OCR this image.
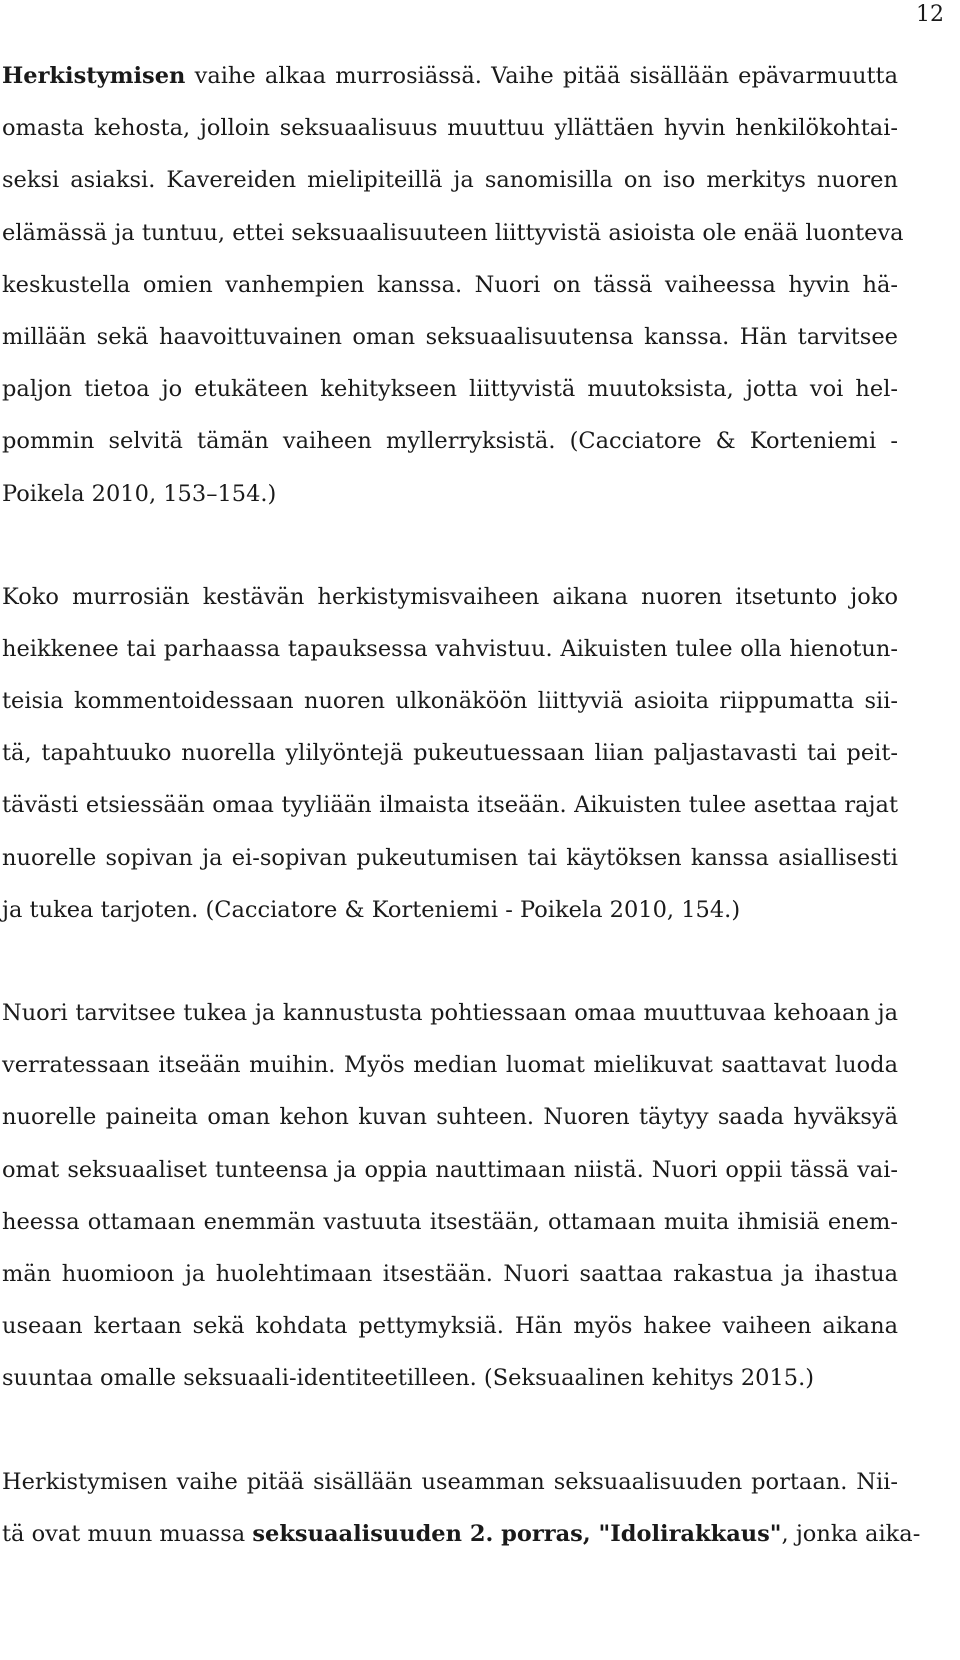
12
Herkistymisen vaihe alkaa murrosiässä. Vaihe pitää sisällään epävarmuutta
omasta kehosta, jolloin seksuaalisuus muuttuu yllättäen hyvin henkilökohtai-
seksi asiaksi. Kavereiden mielipiteillä ja sanomisilla on iso merkitys nuoren
elämässä ja tuntuu, ettei seksuaalisuuteen liittyvistä asioista ole enää luonteva
keskustella omien vanhempien kanssa. Nuori on tässä vaiheessa hyvin hä-
millään sekä haavoittuvainen oman seksuaalisuutensa kanssa. Hän tarvitsee
paljon tietoa jo etukäteen kehitykseen liittyvistä muutoksista, jotta voi hel-
pommin selvitä tämän vaiheen myllerryksistä. (Cacciatore & Korteniemi -
Poikela 2010, 153–154.)
Koko murrosiän kestävän herkistymisvaiheen aikana nuoren itsetunto joko
heikkenee tai parhaassa tapauksessa vahvistuu. Aikuisten tulee olla hienotun-
teisia kommentoidessaan nuoren ulkonäköön liittyviä asioita riippumatta sii-
tä, tapahtuuko nuorella ylilyöntejä pukeutuessaan liian paljastavasti tai peit-
tävästi etsiessään omaa tyyliään ilmaista itseään. Aikuisten tulee asettaa rajat
nuorelle sopivan ja ei-sopivan pukeutumisen tai käytöksen kanssa asiallisesti
ja tukea tarjoten. (Cacciatore & Korteniemi - Poikela 2010, 154.)
Nuori tarvitsee tukea ja kannustusta pohtiessaan omaa muuttuvaa kehoaan ja
verratessaan itseään muihin. Myös median luomat mielikuvat saattavat luoda
nuorelle paineita oman kehon kuvan suhteen. Nuoren täytyy saada hyväksyä
omat seksuaaliset tunteensa ja oppia nauttimaan niistä. Nuori oppii tässä vai-
heessa ottamaan enemmän vastuuta itsestään, ottamaan muita ihmisiä enem-
män huomioon ja huolehtimaan itsestään. Nuori saattaa rakastua ja ihastua
useaan kertaan sekä kohdata pettymyksiä. Hän myös hakee vaiheen aikana
suuntaa omalle seksuaali-identiteetilleen. (Seksuaalinen kehitys 2015.)
Herkistymisen vaihe pitää sisällään useamman seksuaalisuuden portaan. Nii-
tä ovat muun muassa seksuaalisuuden 2. porras, "Idolirakkaus", jonka aika-
